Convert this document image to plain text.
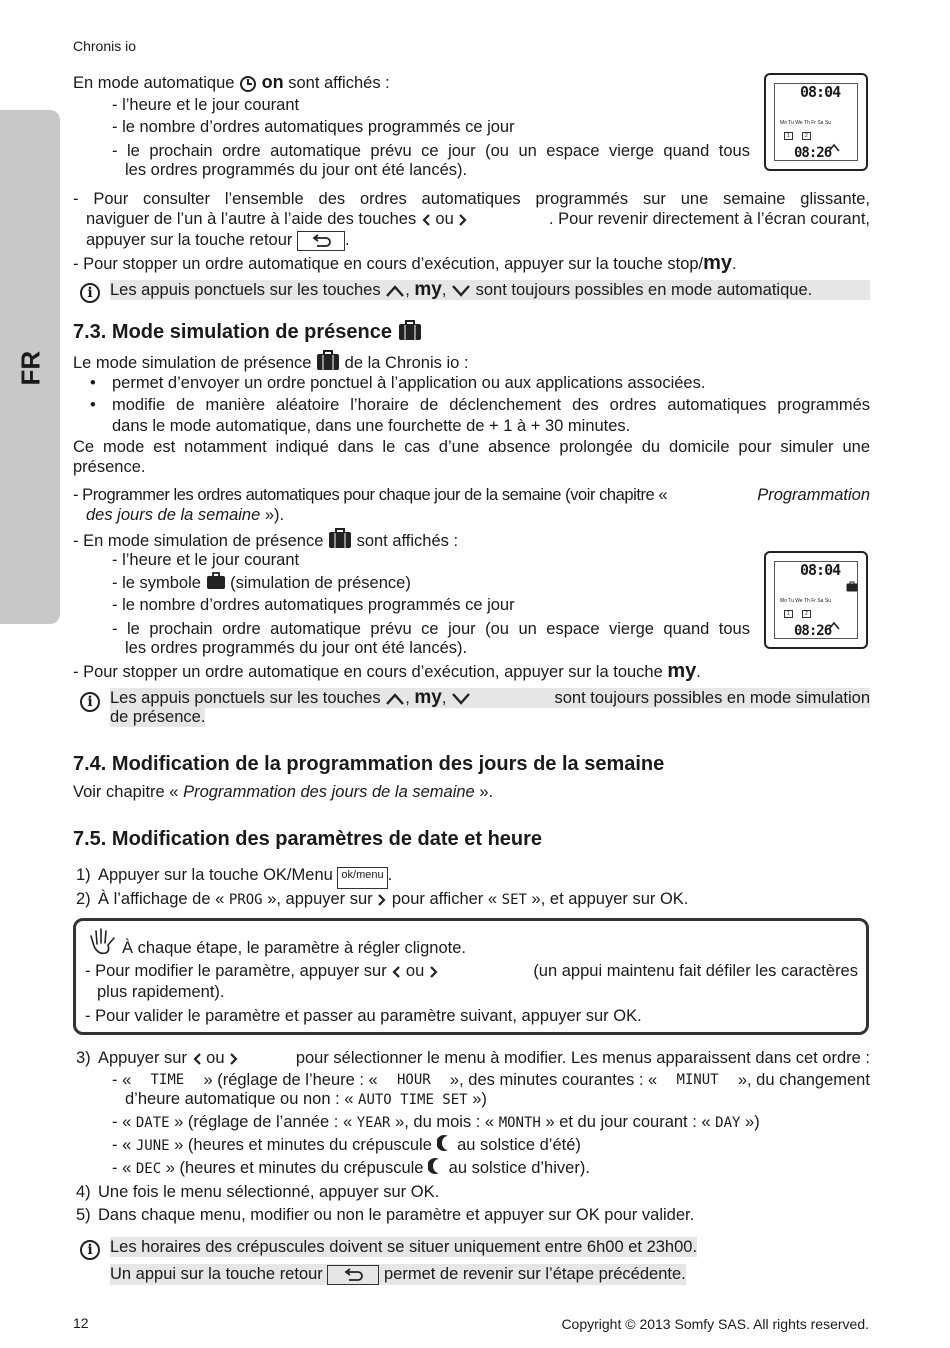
Chronis io
FR
En mode automatique on sont affichés :
- l’heure et le jour courant
- le nombre d’ordres automatiques programmés ce jour
- le prochain ordre automatique prévu ce jour (ou un espace vierge quand tous
les ordres programmés du jour ont été lancés).
08:04
Mo Tu We Th Fr Sa Su
1	2
08:26
- Pour consulter l’ensemble des ordres automatiques programmés sur une semaine glissante,
naviguer de l’un à l’autre à l’aide des touches ou	. Pour revenir directement à l’écran courant,
appuyer sur la touche retour	.
- Pour stopper un ordre automatique en cours d’exécution, appuyer sur la touche stop/my.
i	Les appuis ponctuels sur les touches , my,
sont toujours possibles en mode automatique.
7.3. Mode simulation de présence
Le mode simulation de présence de la Chronis io :
• permet d’envoyer un ordre ponctuel à l’application ou aux applications associées.
• modifie de manière aléatoire l’horaire de déclenchement des ordres automatiques programmés
dans le mode automatique, dans une fourchette de + 1 à + 30 minutes.
Ce mode est notamment indiqué dans le cas d’une absence prolongée du domicile pour simuler une
présence.
- Programmer les ordres automatiques pour chaque jour de la semaine (voir chapitre «	Programmation
des jours de la semaine »).
- En mode simulation de présence sont affichés :
- l’heure et le jour courant
- le symbole (simulation de présence)
- le nombre d’ordres automatiques programmés ce jour
- le prochain ordre automatique prévu ce jour (ou un espace vierge quand tous
les ordres programmés du jour ont été lancés).
08:04
Mo Tu We Th Fr Sa Su
1	2
08:26
- Pour stopper un ordre automatique en cours d’exécution, appuyer sur la touche my.
i	Les appuis ponctuels sur les touches , my,	sont toujours possibles en mode simulation
de présence.
7.4. Modification de la programmation des jours de la semaine
Voir chapitre « Programmation des jours de la semaine ».
7.5. Modification des paramètres de date et heure
1) Appuyer sur la touche OK/Menu ok/menu .
2) À l’affichage de « PROG », appuyer sur pour afficher « SET », et appuyer sur OK.
À chaque étape, le paramètre à régler clignote.
- Pour modifier le paramètre, appuyer sur ou	(un appui maintenu fait défiler les caractères
plus rapidement).
- Pour valider le paramètre et passer au paramètre suivant, appuyer sur OK.
3) Appuyer sur ou	pour sélectionner le menu à modifier. Les menus apparaissent dans cet ordre :
- « TIME » (réglage de l’heure : « HOUR », des minutes courantes : « MINUT », du changement
d’heure automatique ou non : « AUTO TIME SET »)
- « DATE » (réglage de l’année : « YEAR », du mois : « MONTH » et du jour courant : « DAY »)
- « JUNE » (heures et minutes du crépuscule au solstice d’été)
- « DEC » (heures et minutes du crépuscule au solstice d’hiver).
4) Une fois le menu sélectionné, appuyer sur OK.
5) Dans chaque menu, modifier ou non le paramètre et appuyer sur OK pour valider.
i	Les horaires des crépuscules doivent se situer uniquement entre 6h00 et 23h00.
Un appui sur la touche retour	permet de revenir sur l’étape précédente.
12	Copyright © 2013 Somfy SAS. All rights reserved.
